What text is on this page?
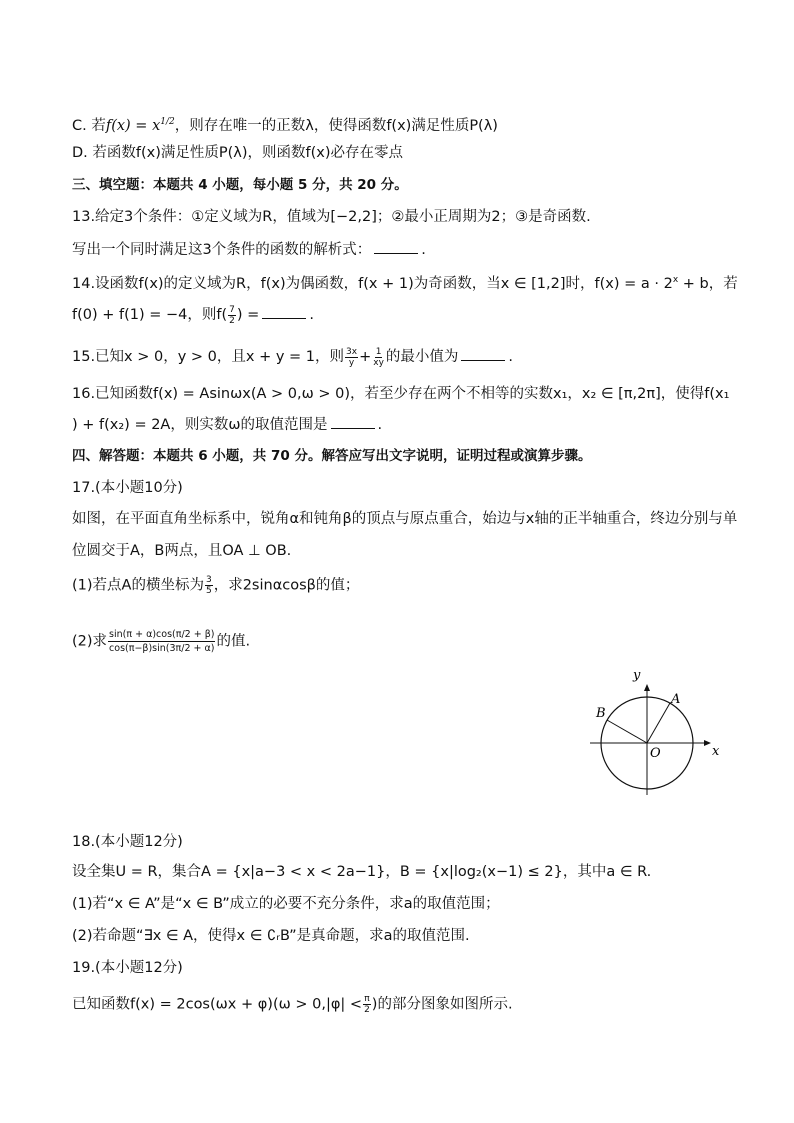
C. 若$f(x) = x^{1/2}$，则存在唯一的正数λ，使得函数f(x)满足性质P(λ)
D. 若函数f(x)满足性质P(λ)，则函数f(x)必存在零点
三、填空题：本题共 4 小题，每小题 5 分，共 20 分。
13.给定3个条件：①定义域为R，值域为[−2,2]；②最小正周期为2；③是奇函数.
写出一个同时满足这3个条件的函数的解析式：	.
14.设函数f(x)的定义域为R，f(x)为偶函数，f(x + 1)为奇函数，当x ∈ [1,2]时，$f(x) = a \cdot 2^x + b$，若
f(0) + f(1) = −4，则$f( \frac{7}{2}$ ) =	.
15.已知x > 0，y > 0，且x + y = 1，则 $\frac{3x}{y} + \frac{1}{xy}$ 的最小值为	.
16.已知函数f(x) = Asinωx(A > 0,ω > 0)，若至少存在两个不相等的实数x₁，x₂ ∈ [π,2π]，使得f(x₁
) + f(x₂) = 2A，则实数ω的取值范围是	.
四、解答题：本题共 6 小题，共 70 分。解答应写出文字说明，证明过程或演算步骤。
17.(本小题10分)
如图，在平面直角坐标系中，锐角α和钝角β的顶点与原点重合，始边与x轴的正半轴重合，终边分别与单
位圆交于A，B两点，且OA ⊥ OB.
(1)若点A的横坐标为 $\frac{3}{5}$ ，求2sinαcosβ的值；
(2)求 $\frac{\sin(\pi + \alpha)\cos(\pi/2 + \beta)}{\cos(\pi-\beta)\sin(3\pi/2 + \alpha)}$ 的值.
y
x
O
A
B
18.(本小题12分)
设全集U = R，集合A = {x|a−3 < x < 2a−1}，B = {x|log₂(x−1) ≤ 2}，其中a ∈ R.
(1)若“x ∈ A”是“x ∈ B”成立的必要不充分条件，求a的取值范围；
(2)若命题“∃x ∈ A，使得x ∈ ∁ᵣB”是真命题，求a的取值范围.
19.(本小题12分)
已知函数$f(x) = 2\cos(\omega x + \varphi)(\omega > 0,|\varphi| < \frac{\pi}{2}$ )的部分图象如图所示.
